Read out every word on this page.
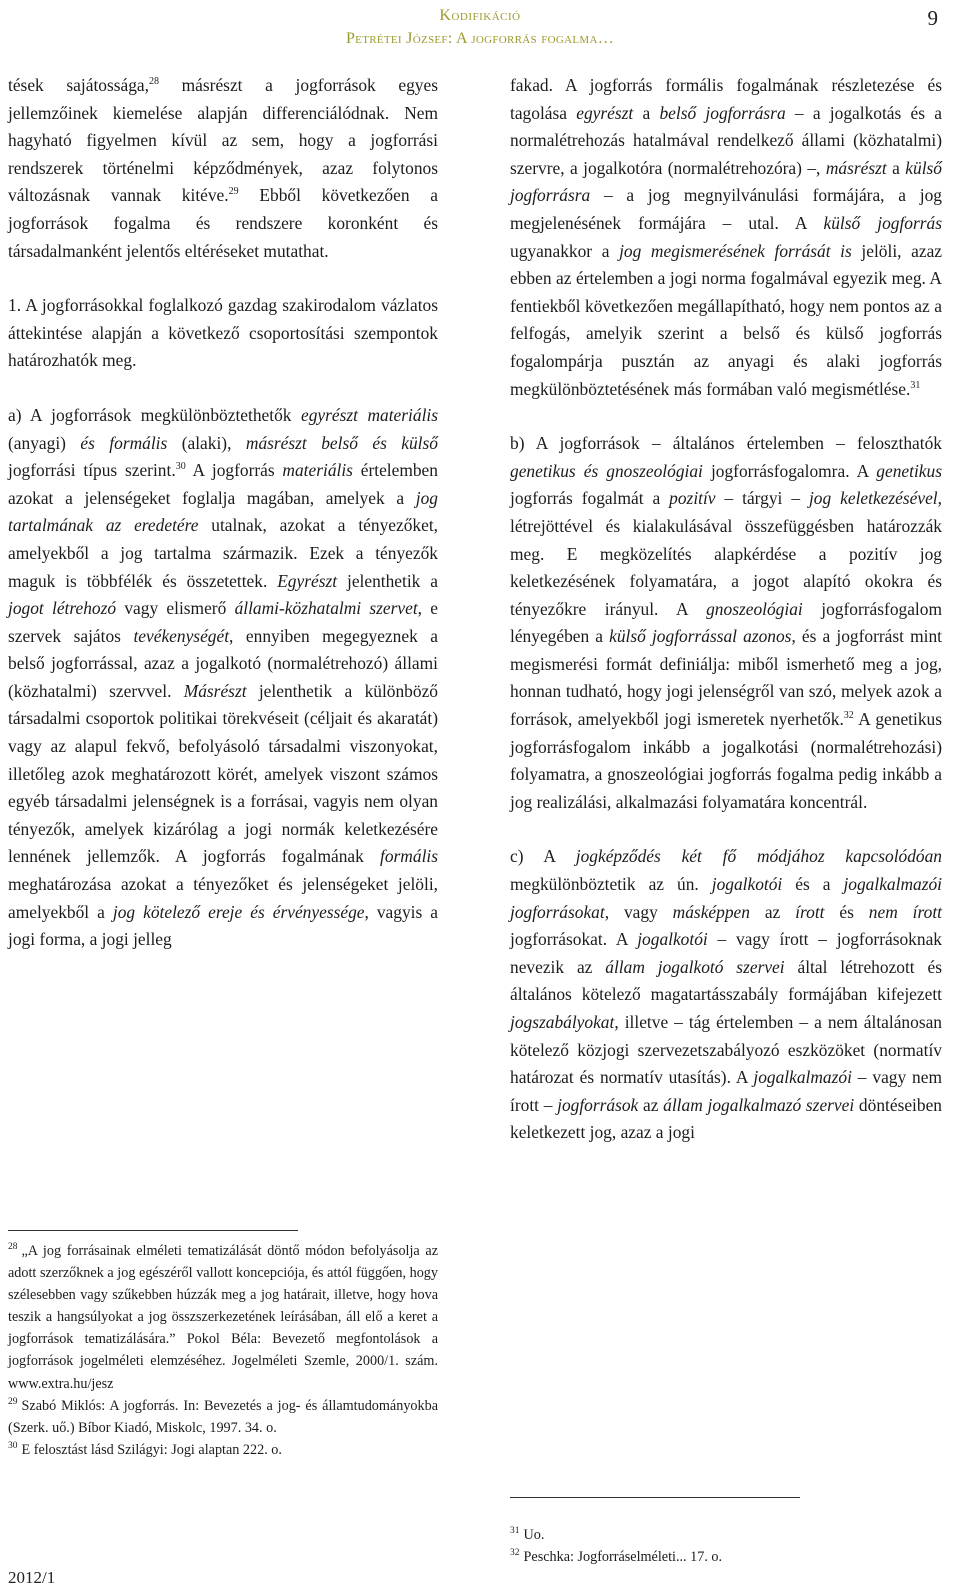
Kodifikáció
Petrétei József: A jogforrás fogalma…
9

tések sajátossága,$^{28}$ másrészt a jogforrások egyes jellemzőinek kiemelése alapján differenciálódnak. Nem hagyható figyelmen kívül az sem, hogy a jogforrási rendszerek történelmi képződmények, azaz folytonos változásnak vannak kitéve.$^{29}$ Ebből következően a jogforrások fogalma és rendszere koronként és társadalmanként jelentős eltéréseket mutathat.

1. A jogforrásokkal foglalkozó gazdag szakirodalom vázlatos áttekintése alapján a következő csoportosítási szempontok határozhatók meg.

a) A jogforrások megkülönböztethetők egyrészt materiális (anyagi) és formális (alaki), másrészt belső és külső jogforrási típus szerint.$^{30}$ A jogforrás materiális értelemben azokat a jelenségeket foglalja magában, amelyek a jog tartalmának az eredetére utalnak, azokat a tényezőket, amelyekből a jog tartalma származik. Ezek a tényezők maguk is többfélék és összetettek. Egyrészt jelenthetik a jogot létrehozó vagy elismerő állami-közhatalmi szervet, e szervek sajátos tevékenységét, ennyiben megegyeznek a belső jogforrással, azaz a jogalkotó (normalétrehozó) állami (közhatalmi) szervvel. Másrészt jelenthetik a különböző társadalmi csoportok politikai törekvéseit (céljait és akaratát) vagy az alapul fekvő, befolyásoló társadalmi viszonyokat, illetőleg azok meghatározott körét, amelyek viszont számos egyéb társadalmi jelenségnek is a forrásai, vagyis nem olyan tényezők, amelyek kizárólag a jogi normák keletkezésére lennének jellemzők. A jogforrás fogalmának formális meghatározása azokat a tényezőket és jelenségeket jelöli, amelyekből a jog kötelező ereje és érvényessége, vagyis a jogi forma, a jogi jelleg

fakad. A jogforrás formális fogalmának részletezése és tagolása egyrészt a belső jogforrásra – a jogalkotás és a normalétrehozás hatalmával rendelkező állami (közhatalmi) szervre, a jogalkotóra (normalétrehozóra) –, másrészt a külső jogforrásra – a jog megnyilvánulási formájára, a jog megjelenésének formájára – utal. A külső jogforrás ugyanakkor a jog megismerésének forrását is jelöli, azaz ebben az értelemben a jogi norma fogalmával egyezik meg. A fentiekből következően megállapítható, hogy nem pontos az a felfogás, amelyik szerint a belső és külső jogforrás fogalompárja pusztán az anyagi és alaki jogforrás megkülönböztetésének más formában való megismétlése.$^{31}$

b) A jogforrások – általános értelemben – feloszthatók genetikus és gnoszeológiai jogforrásfogalomra. A genetikus jogforrás fogalmát a pozitív – tárgyi – jog keletkezésével, létrejöttével és kialakulásával összefüggésben határozzák meg. E megközelítés alapkérdése a pozitív jog keletkezésének folyamatára, a jogot alapító okokra és tényezőkre irányul. A gnoszeológiai jogforrásfogalom lényegében a külső jogforrással azonos, és a jogforrást mint megismerési formát definiálja: miből ismerhető meg a jog, honnan tudható, hogy jogi jelenségről van szó, melyek azok a források, amelyekből jogi ismeretek nyerhetők.$^{32}$ A genetikus jogforrásfogalom inkább a jogalkotási (normalétrehozási) folyamatra, a gnoszeológiai jogforrás fogalma pedig inkább a jog realizálási, alkalmazási folyamatára koncentrál.

c) A jogképződés két fő módjához kapcsolódóan megkülönböztetik az ún. jogalkotói és a jogalkalmazói jogforrásokat, vagy másképpen az írott és nem írott jogforrásokat. A jogalkotói – vagy írott – jogforrásoknak nevezik az állam jogalkotó szervei által létrehozott és általános kötelező magatartásszabály formájában kifejezett jogszabályokat, illetve – tág értelemben – a nem általánosan kötelező közjogi szervezetszabályozó eszközöket (normatív határozat és normatív utasítás). A jogalkalmazói – vagy nem írott – jogforrások az állam jogalkalmazó szervei döntéseiben keletkezett jog, azaz a jogi

$^{28}$ „A jog forrásainak elméleti tematizálását döntő módon befolyásolja az adott szerzőknek a jog egészéről vallott koncepciója, és attól függően, hogy szélesebben vagy szűkebben húzzák meg a jog határait, illetve, hogy hova teszik a hangsúlyokat a jog összszerkezetének leírásában, áll elő a keret a jogforrások tematizálására.” Pokol Béla: Bevezető megfontolások a jogforrások jogelméleti elemzéséhez. Jogelméleti Szemle, 2000/1. szám. www.extra.hu/jesz

$^{29}$ Szabó Miklós: A jogforrás. In: Bevezetés a jog- és államtudományokba (Szerk. uő.) Bíbor Kiadó, Miskolc, 1997. 34. o.

$^{30}$ E felosztást lásd Szilágyi: Jogi alaptan 222. o.

$^{31}$ Uo.

$^{32}$ Peschka: Jogforráselméleti... 17. o.

2012/1
